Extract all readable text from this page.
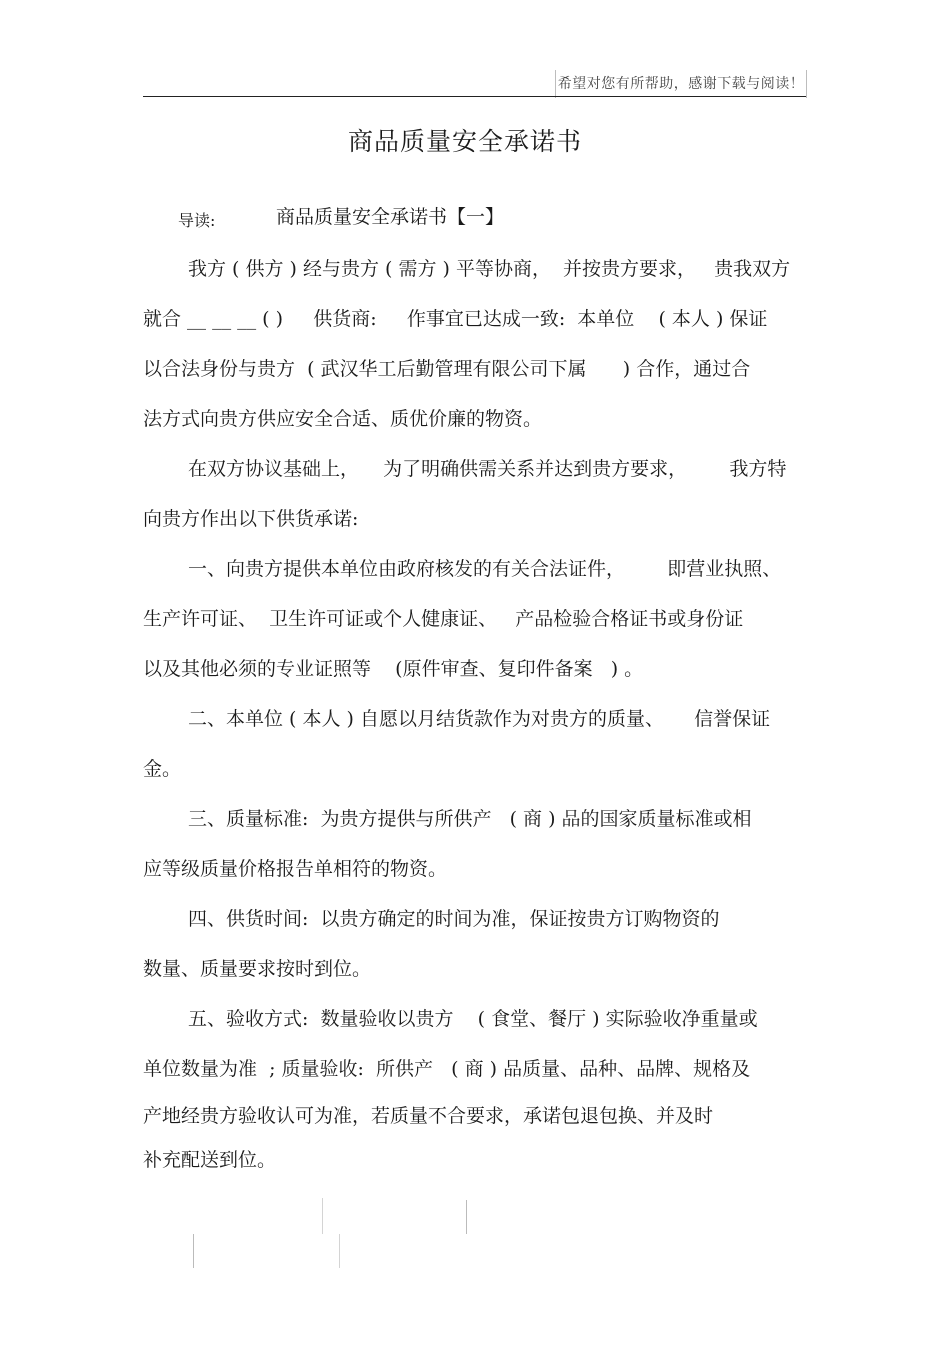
希望对您有所帮助，感谢下载与阅读！
商品质量安全承诺书
导读:	商品质量安全承诺书【一】
我方 ( 供方 ) 经与贵方 ( 需方 ) 平等协商，  并按贵方要求，   贵我双方
就合 __ __ __ ( )     供货商:     作事宜已达成一致:  本单位    ( 本人 ) 保证
以合法身份与贵方  ( 武汉华工后勤管理有限公司下属      ) 合作，通过合
法方式向贵方供应安全合适、质优价廉的物资。
在双方协议基础上，    为了明确供需关系并达到贵方要求，       我方特
向贵方作出以下供货承诺:
一、向贵方提供本单位由政府核发的有关合法证件，       即营业执照、
生产许可证、  卫生许可证或个人健康证、   产品检验合格证书或身份证
以及其他必须的专业证照等    (原件审查、复印件备案   ) 。
二、本单位 ( 本人 ) 自愿以月结货款作为对贵方的质量、     信誉保证
金。
三、质量标准:  为贵方提供与所供产   ( 商 ) 品的国家质量标准或相
应等级质量价格报告单相符的物资。
四、供货时间:  以贵方确定的时间为准，保证按贵方订购物资的
数量、质量要求按时到位。
五、验收方式:  数量验收以贵方    ( 食堂、餐厅 ) 实际验收净重量或
单位数量为准  ; 质量验收:  所供产   ( 商 ) 品质量、品种、品牌、规格及
产地经贵方验收认可为准，若质量不合要求，承诺包退包换、并及时
补充配送到位。
